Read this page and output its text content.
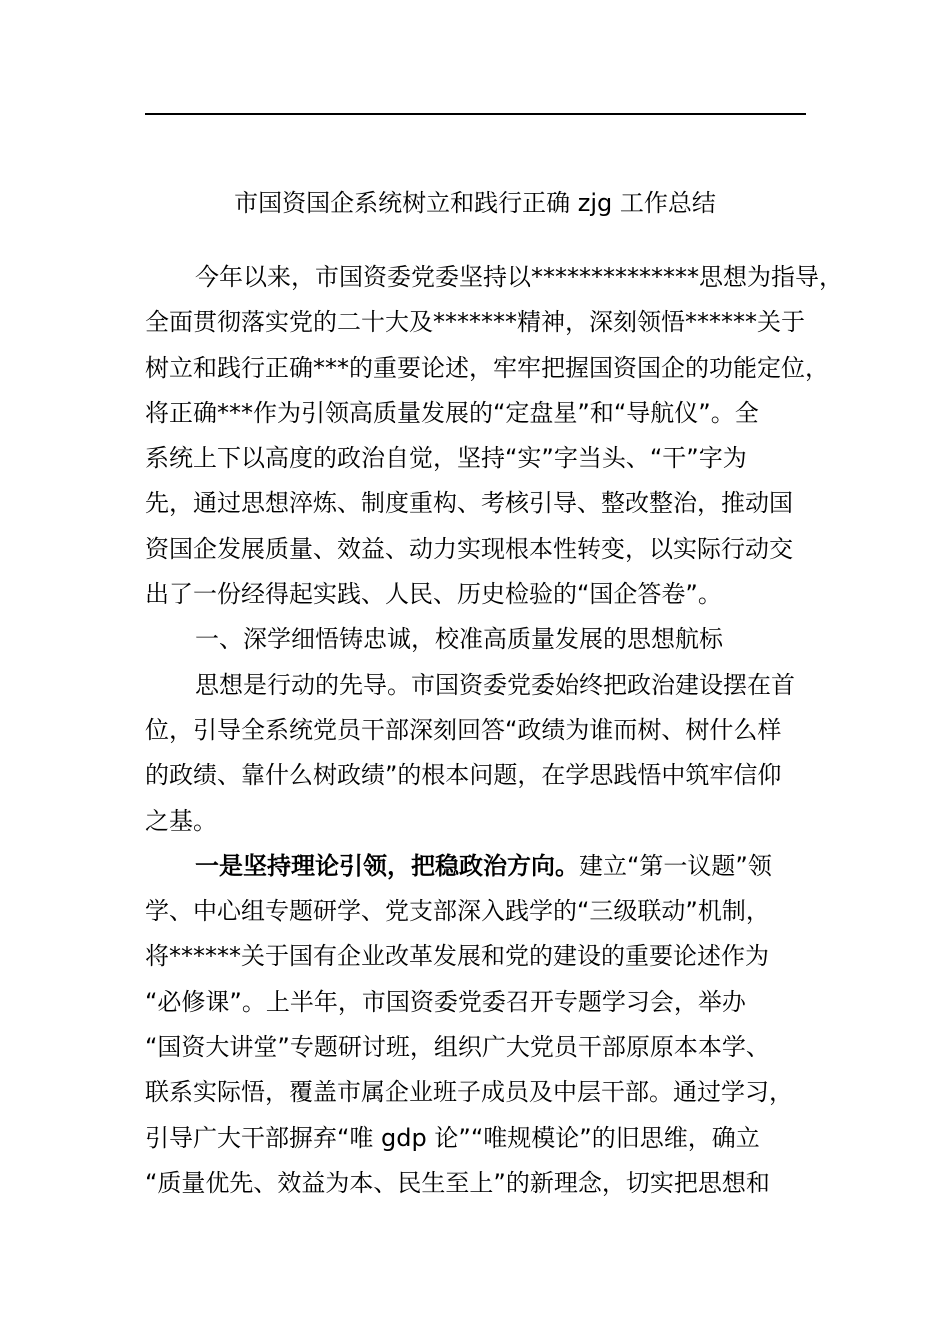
市国资国企系统树立和践行正确 zjg 工作总结
今年以来，市国资委党委坚持以**************思想为指导，
全面贯彻落实党的二十大及*******精神，深刻领悟******关于
树立和践行正确***的重要论述，牢牢把握国资国企的功能定位，
将正确***作为引领高质量发展的“定盘星”和“导航仪”。全
系统上下以高度的政治自觉，坚持“实”字当头、“干”字为
先，通过思想淬炼、制度重构、考核引导、整改整治，推动国
资国企发展质量、效益、动力实现根本性转变，以实际行动交
出了一份经得起实践、人民、历史检验的“国企答卷”。
一、深学细悟铸忠诚，校准高质量发展的思想航标
思想是行动的先导。市国资委党委始终把政治建设摆在首
位，引导全系统党员干部深刻回答“政绩为谁而树、树什么样
的政绩、靠什么树政绩”的根本问题，在学思践悟中筑牢信仰
之基。
一是坚持理论引领，把稳政治方向。建立“第一议题”领
学、中心组专题研学、党支部深入践学的“三级联动”机制，
将******关于国有企业改革发展和党的建设的重要论述作为
“必修课”。上半年，市国资委党委召开专题学习会，举办
“国资大讲堂”专题研讨班，组织广大党员干部原原本本学、
联系实际悟，覆盖市属企业班子成员及中层干部。通过学习，
引导广大干部摒弃“唯 gdp 论”“唯规模论”的旧思维，确立
“质量优先、效益为本、民生至上”的新理念，切实把思想和
